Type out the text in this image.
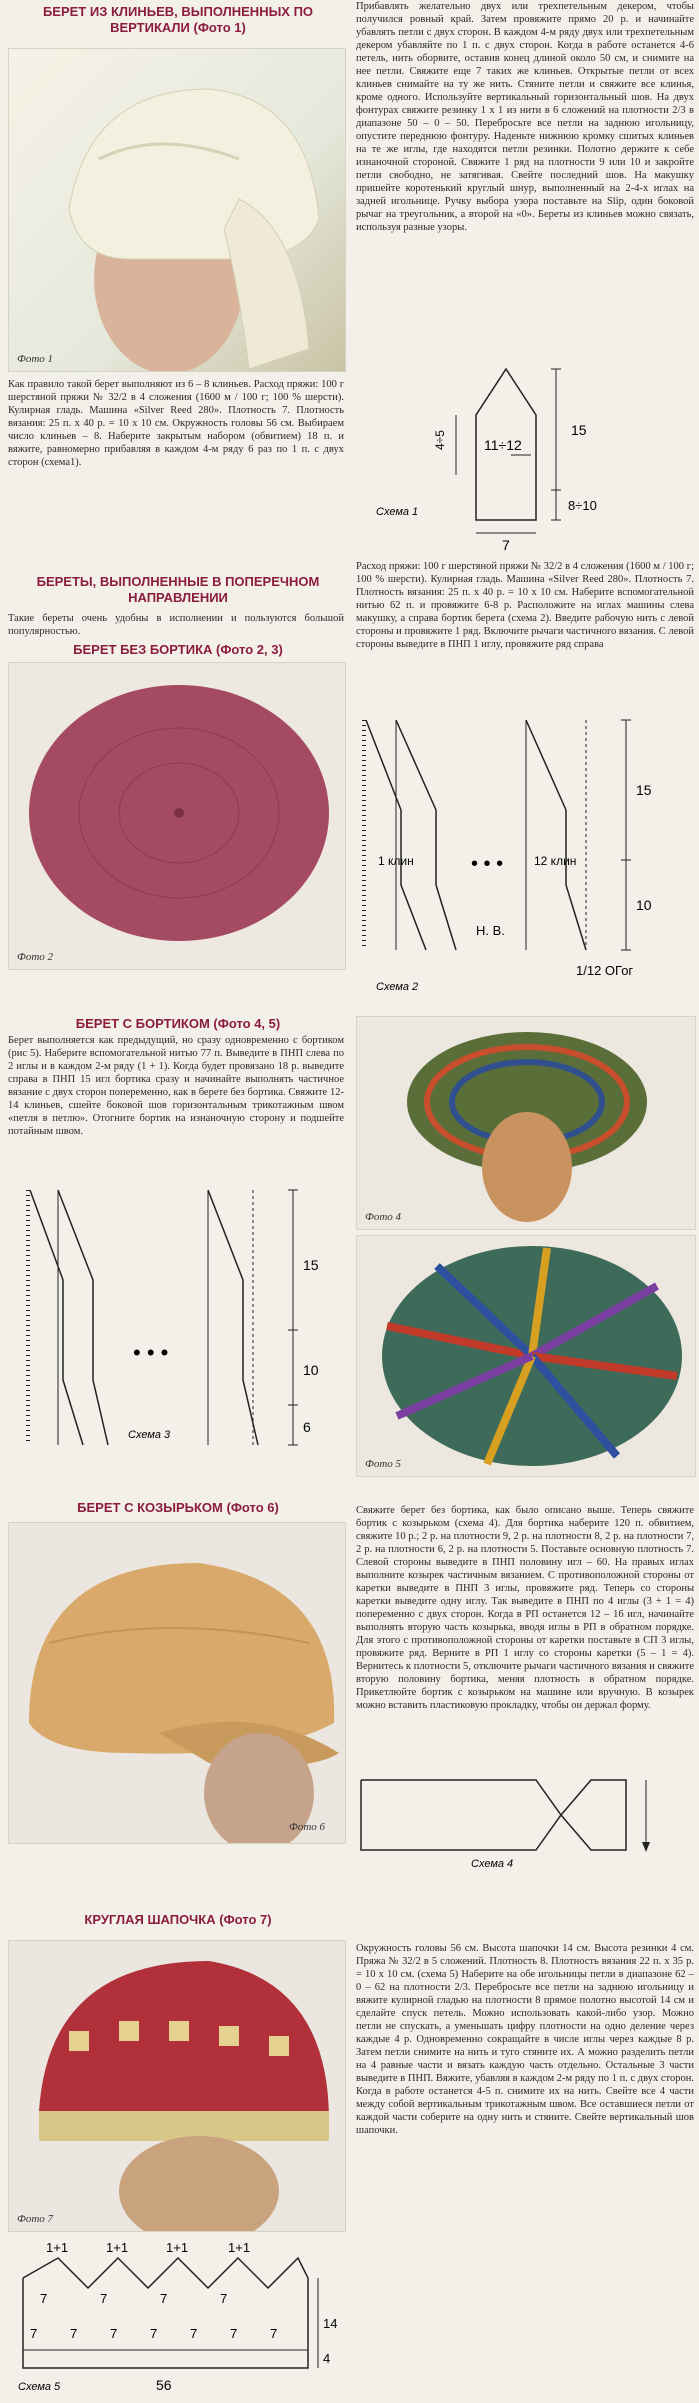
БЕРЕТ ИЗ КЛИНЬЕВ, ВЫПОЛНЕННЫХ ПО ВЕРТИКАЛИ (Фото 1)
Фото 1
Как правило такой берет выполняют из 6 – 8 клиньев. Расход пряжи: 100 г шерстяной пряжи № 32/2 в 4 сложения (1600 м / 100 г; 100 % шерсти). Кулирная гладь. Машина «Silver Reed 280». Плотность 7. Плотность вязания: 25 п. х 40 р. = 10 х 10 см. Окружность головы 56 см. Выбираем число клиньев – 8. Наберите закрытым набором (обвитием) 18 п. и вяжите, равномерно прибавляя в каждом 4-м ряду 6 раз по 1 п. с двух сторон (схема1).
Прибавлять желательно двух или трехпетельным декером, чтобы получился ровный край. Затем провяжите прямо 20 р. и начинайте убавлять петли с двух сторон. В каждом 4-м ряду двух или трехпетельным декером убавляйте по 1 п. с двух сторон. Когда в работе останется 4-6 петель, нить оборвите, оставив конец длиной около 50 см, и снимите на нее петли. Свяжите еще 7 таких же клиньев. Открытые петли от всех клиньев снимайте на ту же нить. Стяните петли и свяжите все клинья, кроме одного. Используйте вертикальный горизонтальный шов. На двух фонтурах свяжите резинку 1 х 1 из нити в 6 сложений на плотности 2/3 в диапазоне 50 – 0 – 50. Перебросьте все петли на заднюю игольницу, опустите переднюю фонтуру. Наденьте нижнюю кромку сшитых клиньев на те же иглы, где находятся петли резинки. Полотно держите к себе изнаночной стороной. Свяжите 1 ряд на плотности 9 или 10 и закройте петли свободно, не затягивая. Свейте последний шов. На макушку пришейте коротенький круглый шнур, выполненный на 2-4-х иглах на задней игольнице. Ручку выбора узора поставьте на Slip, один боковой рычаг на треугольник, а второй на «0». Береты из клиньев можно связать, используя разные узоры.
15
4÷5	11÷12
8÷10
7
Схема 1
БЕРЕТЫ, ВЫПОЛНЕННЫЕ В ПОПЕРЕЧНОМ НАПРАВЛЕНИИ
Такие береты очень удобны в исполнении и пользуются большой популярностью.
БЕРЕТ БЕЗ БОРТИКА (Фото 2, 3)
Фото 2
Расход пряжи: 100 г шерстяной пряжи № 32/2 в 4 сложения (1600 м / 100 г; 100 % шерсти). Кулирная гладь. Машина «Silver Reed 280». Плотность 7. Плотность вязания: 25 п. х 40 р. = 10 х 10 см. Наберите вспомогательной нитью 62 п. и провяжите 6-8 р. Расположите на иглах машины слева макушку, а справа бортик берета (схема 2). Введите рабочую нить с левой стороны и провяжите 1 ряд. Включите рычаги частичного вязания. С левой стороны выведите в ПНП 1 иглу, провяжите ряд справа
• • •
15
10
1 клин	12 клин
Н. В.
1/12 ОГог
Схема 2
БЕРЕТ С БОРТИКОМ (Фото 4, 5)
Берет выполняется как предыдущий, но сразу одновременно с бортиком (рис 5). Наберите вспомогательной нитью 77 п. Выведите в ПНП слева по 2 иглы и в каждом 2-м ряду (1 + 1). Когда будет провязано 18 р. выведите справа в ПНП 15 игл бортика сразу и начинайте выполнять частичное вязание с двух сторон попеременно, как в берете без бортика. Свяжите 12-14 клиньев, сшейте боковой шов горизонтальным трикотажным швом «петля в петлю». Отогните бортик на изнаночную сторону и подшейте потайным швом.
• • •
15
10
6
Схема 3
Фото 4
Фото 5
БЕРЕТ С КОЗЫРЬКОМ (Фото 6)
Фото 6
Свяжите берет без бортика, как было описано выше. Теперь свяжите бортик с козырьком (схема 4). Для бортика наберите 120 п. обвитием, свяжите 10 р.; 2 р. на плотности 9, 2 р. на плотности 8, 2 р. на плотности 7, 2 р. на плотности 6, 2 р. на плотности 5. Поставьте основную плотность 7. Слевой стороны выведите в ПНП половину игл – 60. На правых иглах выполните козырек частичным вязанием. С противоположной стороны от каретки выведите в ПНП 3 иглы, провяжите ряд. Теперь со стороны каретки выведите одну иглу. Так выведите в ПНП по 4 иглы (3 + 1 = 4) попеременно с двух сторон. Когда в РП останется 12 – 16 игл, начинайте выполнять вторую часть козырька, вводя иглы в РП в обратном порядке. Для этого с противоположной стороны от каретки поставьте в СП 3 иглы, провяжите ряд. Верните в РП 1 иглу со стороны каретки (5 – 1 = 4). Вернитесь к плотности 5, отключите рычаги частичного вязания и свяжите вторую половину бортика, меняя плотность в обратном порядке. Прикетлюйте бортик с козырьком на машине или вручную. В козырек можно вставить пластиковую прокладку, чтобы он держал форму.
Схема 4
КРУГЛАЯ ШАПОЧКА (Фото 7)
Фото 7
Окружность головы 56 см. Высота шапочки 14 см. Высота резинки 4 см. Пряжа № 32/2 в 5 сложений. Плотность 8. Плотность вязания 22 п. х 35 р. = 10 х 10 см. (схема 5) Наберите на обе игольницы петли в диапазоне 62 – 0 – 62 на плотности 2/3. Перебросьте все петли на заднюю игольницу и вяжите кулирной гладью на плотности 8 прямое полотно высотой 14 см и сделайте спуск петель. Можно использовать какой-либо узор. Можно петли не спускать, а уменьшать цифру плотности на одно деление через каждые 4 р. Одновременно сокращайте в числе иглы через каждые 8 р. Затем петли снимите на нить и туго стяните их. А можно разделить петли на 4 равные части и вязать каждую часть отдельно. Остальные 3 части выведите в ПНП. Вяжите, убавляя в каждом 2-м ряду по 1 п. с двух сторон. Когда в работе останется 4-5 п. снимите их на нить. Свейте все 4 части между собой вертикальным трикотажным швом. Все оставшиеся петли от каждой части соберите на одну нить и стяните. Свейте вертикальный шов шапочки.
1+1	1+1	1+1	1+1
7	7	7	7
7	7	7	7	7	7	7
14
4
56
Схема 5
